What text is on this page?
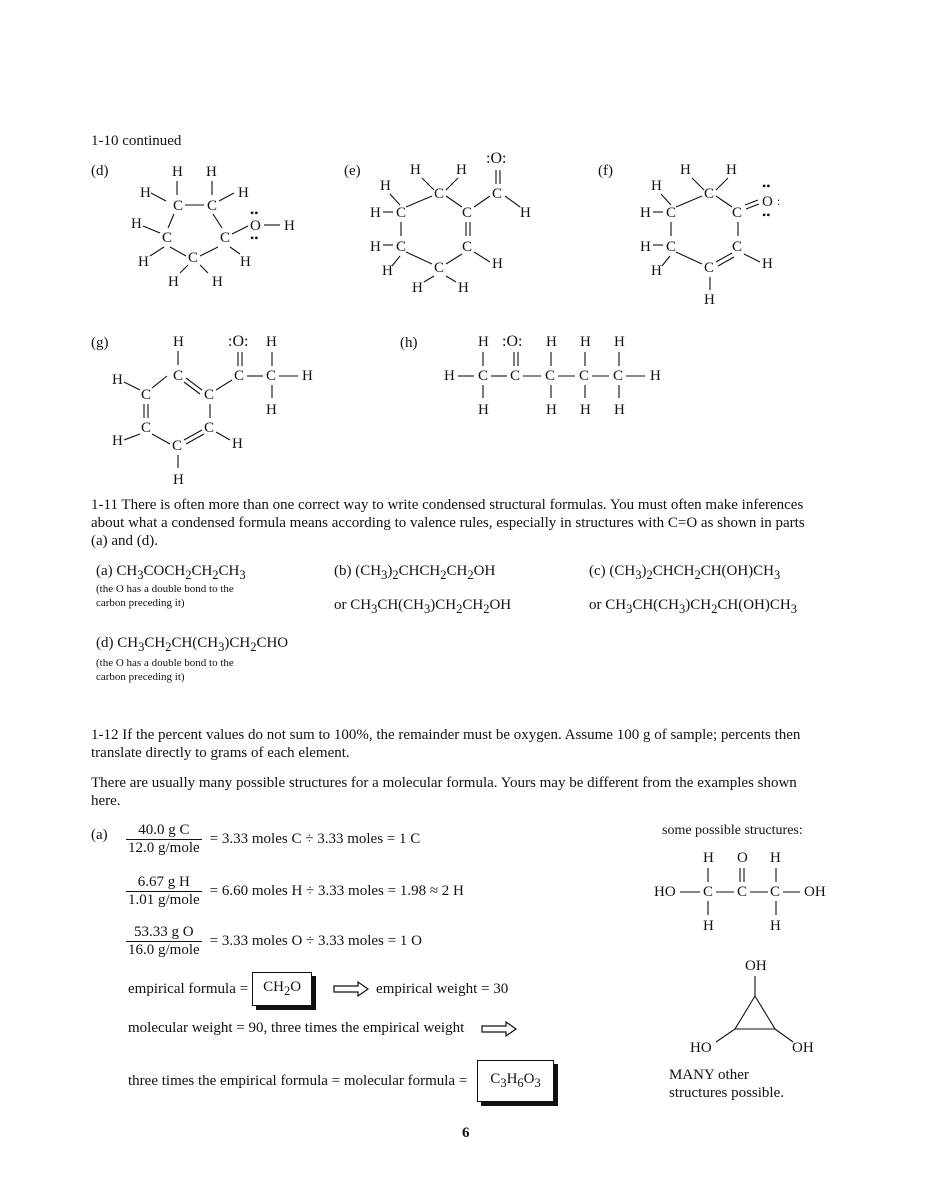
1-10 continued
(d)	(e)	(f)
(g)	(h)
H H
H
C C
H
H
C	C
O
••
••
H
H	C	H
H H
:O:
C
H
H H
C
H
H C	C
H C	C
H
H	C
H H
H H
C
H
H C	C
O
••
:
••
H C	C
H
H	C
H
H
C
H
C	C
:O:
C
H
C H
H
C
H	C
C
H
H
H :O: H H H
H C C C C C H
H	H H H
1-11 There is often more than one correct way to write condensed structural formulas. You must often make inferences about what a condensed formula means according to valence rules, especially in structures with C=O as shown in parts (a) and (d).
(a) $CH_3COCH_2CH_2CH_3$
(the O has a double bond to the
carbon preceding it)
(b) $(CH_3)_2CHCH_2CH_2OH$
or $CH_3CH(CH_3)CH_2CH_2OH$
(c) $(CH_3)_2CHCH_2CH(OH)CH_3$
or $CH_3CH(CH_3)CH_2CH(OH)CH_3$
(d) $CH_3CH_2CH(CH_3)CH_2CHO$
(the O has a double bond to the
carbon preceding it)
1-12 If the percent values do not sum to 100%, the remainder must be oxygen. Assume 100 g of sample; percents then translate directly to grams of each element.
There are usually many possible structures for a molecular formula. Yours may be different from the examples shown here.
$(a) \frac{\text{40.0 g C}}{\text{12.0 g/mole}} = 3.33$ moles C ÷ 3.33 moles = 1 C
$\frac{\text{6.67 g H}}{\text{1.01 g/mole}} = 6.60$ moles H ÷ 3.33 moles = 1.98 ≈ 2 H
$\frac{\text{53.33 g O}}{\text{16.0 g/mole}} = 3.33$ moles O ÷ 3.33 moles = 1 O
empirical formula =	$CH_2O$	empirical weight = 30
molecular weight = 90, three times the empirical weight
three times the empirical formula = molecular formula =	$C_3H_6O_3$
some possible structures:
H O H
HO C C C OH
H	H
OH
HO	OH
MANY other
structures possible.
6
